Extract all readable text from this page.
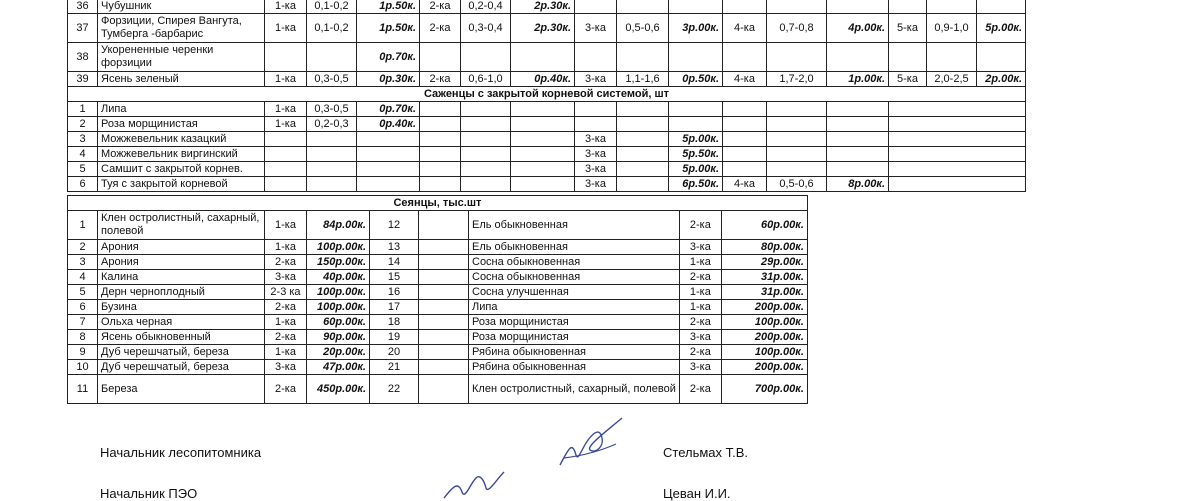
36	Чубушник	1-ка	0,1-0,2	1р.50к.	2-ка	0,2-0,4	2р.30к.									
37	Форзиции, Спирея Вангута, Тумберга -барбарис	1-ка	0,1-0,2	1р.50к.	2-ка	0,3-0,4	2р.30к.	3-ка	0,5-0,6	3р.00к.	4-ка	0,7-0,8	4р.00к.	5-ка	0,9-1,0	5р.00к.
38	Укорененные черенки форзиции			0р.70к.												
39	Ясень зеленый	1-ка	0,3-0,5	0р.30к.	2-ка	0,6-1,0	0р.40к.	3-ка	1,1-1,6	0р.50к.	4-ка	1,7-2,0	1р.00к.	5-ка	2,0-2,5	2р.00к.
Саженцы с закрытой корневой системой, шт																
1	Липа	1-ка	0,3-0,5	0р.70к.												
2	Роза морщинистая	1-ка	0,2-0,3	0р.40к.												
3	Можжевельник казацкий							3-ка		5р.00к.						
4	Можжевельник виргинский							3-ка		5р.50к.						
5	Самшит с закрытой корнев.							3-ка		5р.00к.						
6	Туя с закрытой корневой							3-ка		6р.50к.	4-ка	0,5-0,6	8р.00к.			
Сеянцы, тыс.шт								
1	Клен остролистный, сахарный, полевой	1-ка	84р.00к.	12		Ель обыкновенная	2-ка	60р.00к.
2	Арония	1-ка	100р.00к.	13		Ель обыкновенная	3-ка	80р.00к.
3	Арония	2-ка	150р.00к.	14		Сосна обыкновенная	1-ка	29р.00к.
4	Калина	3-ка	40р.00к.	15		Сосна обыкновенная	2-ка	31р.00к.
5	Дерн черноплодный	2-3 ка	100р.00к.	16		Сосна улучшенная	1-ка	31р.00к.
6	Бузина	2-ка	100р.00к.	17		Липа	1-ка	200р.00к.
7	Ольха черная	1-ка	60р.00к.	18		Роза морщинистая	2-ка	100р.00к.
8	Ясень обыкновенный	2-ка	90р.00к.	19		Роза морщинистая	3-ка	200р.00к.
9	Дуб черешчатый, береза	1-ка	20р.00к.	20		Рябина обыкновенная	2-ка	100р.00к.
10	Дуб черешчатый, береза	3-ка	47р.00к.	21		Рябина обыкновенная	3-ка	200р.00к.
11	Береза	2-ка	450р.00к.	22		Клен остролистный, сахарный, полевой	2-ка	700р.00к.
Начальник лесопитомника	Стельмах Т.В.
Начальник ПЭО	Цеван И.И.
